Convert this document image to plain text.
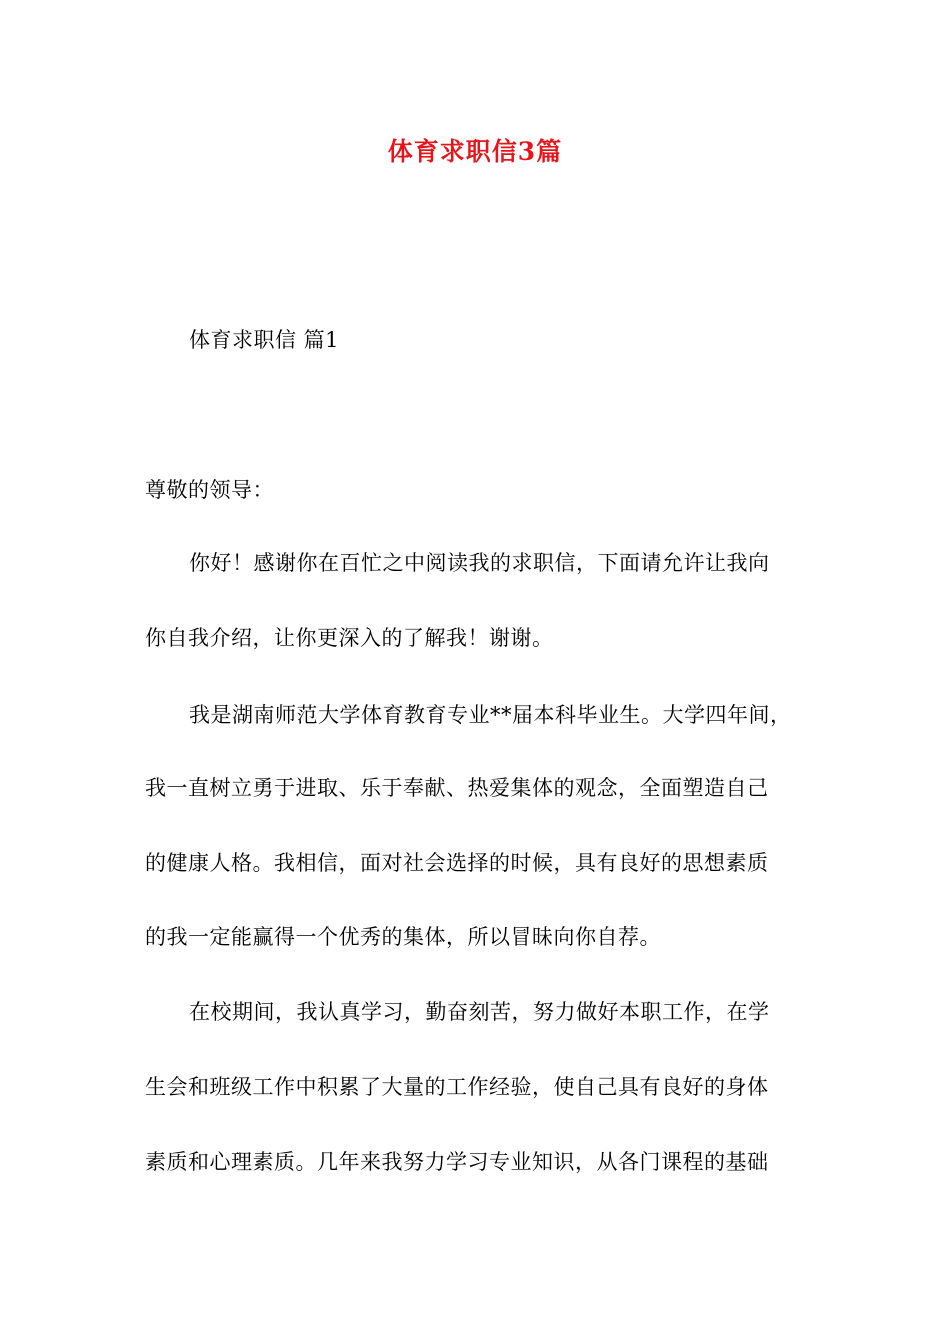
体育求职信3篇
体育求职信 篇1
尊敬的领导：
你好！感谢你在百忙之中阅读我的求职信，下面请允许让我向
你自我介绍，让你更深入的了解我！谢谢。
我是湖南师范大学体育教育专业**届本科毕业生。大学四年间，
我一直树立勇于进取、乐于奉献、热爱集体的观念，全面塑造自己
的健康人格。我相信，面对社会选择的时候，具有良好的思想素质
的我一定能赢得一个优秀的集体，所以冒昧向你自荐。
在校期间，我认真学习，勤奋刻苦，努力做好本职工作，在学
生会和班级工作中积累了大量的工作经验，使自己具有良好的身体
素质和心理素质。几年来我努力学习专业知识，从各门课程的基础
